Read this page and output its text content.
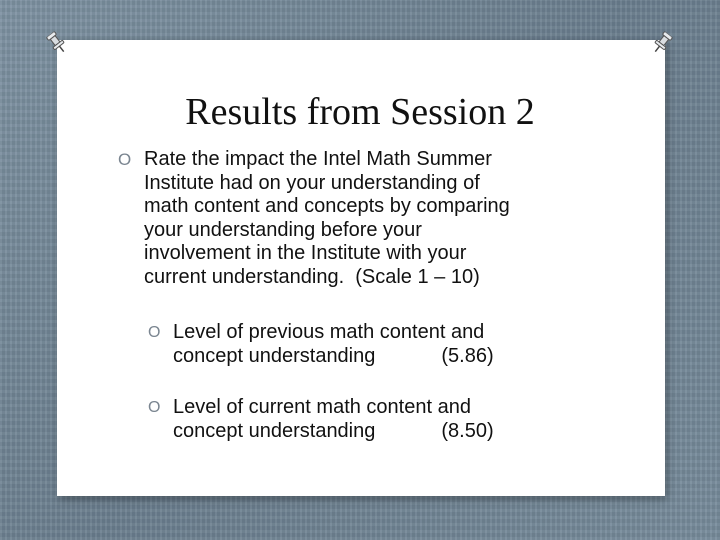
Results from Session 2
O Rate the impact the Intel Math Summer
Institute had on your understanding of
math content and concepts by comparing
your understanding before your
involvement in the Institute with your
current understanding.  (Scale 1 – 10)
O Level of previous math content and
concept understanding	(5.86)
O Level of current math content and
concept understanding	(8.50)
